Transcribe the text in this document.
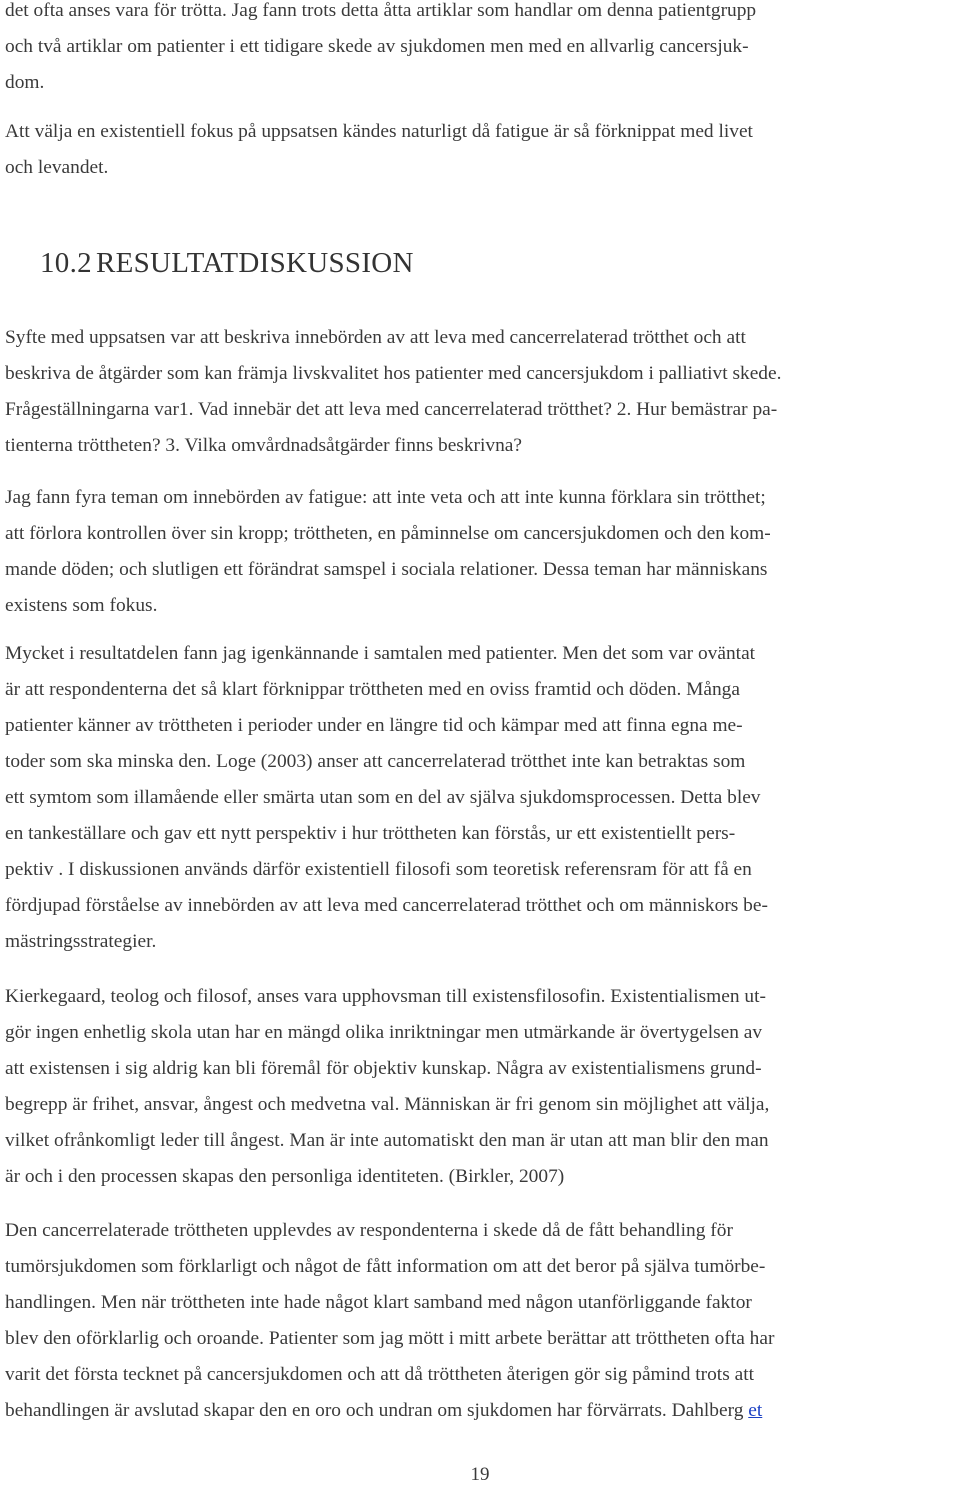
det ofta anses vara för trötta. Jag fann trots detta åtta artiklar som handlar om denna patientgrupp
och två artiklar om patienter i ett tidigare skede av sjukdomen men med en allvarlig cancersjuk-
dom.

Att välja en existentiell fokus på uppsatsen kändes naturligt då fatigue är så förknippat med livet
och levandet.

10.2 RESULTATDISKUSSION

Syfte med uppsatsen var att beskriva innebörden av att leva med cancerrelaterad trötthet och att
beskriva de åtgärder som kan främja livskvalitet hos patienter med cancersjukdom i palliativt skede.
Frågeställningarna var1. Vad innebär det att leva med cancerrelaterad trötthet? 2. Hur bemästrar pa-
tienterna tröttheten? 3. Vilka omvårdnadsåtgärder finns beskrivna?

Jag fann fyra teman om innebörden av fatigue: att inte veta och att inte kunna förklara sin trötthet;
att förlora kontrollen över sin kropp; tröttheten, en påminnelse om cancersjukdomen och den kom-
mande döden; och slutligen ett förändrat samspel i sociala relationer. Dessa teman har människans
existens som fokus.

Mycket i resultatdelen fann jag igenkännande i samtalen med patienter. Men det som var oväntat
är att respondenterna det så klart förknippar tröttheten med en oviss framtid och döden. Många
patienter känner av tröttheten i perioder under en längre tid och kämpar med att finna egna me-
toder som ska minska den. Loge (2003) anser att cancerrelaterad trötthet inte kan betraktas som
ett symtom som illamående eller smärta utan som en del av själva sjukdomsprocessen. Detta blev
en tankeställare och gav ett nytt perspektiv i hur tröttheten kan förstås, ur ett existentiellt pers-
pektiv . I diskussionen används därför existentiell filosofi som teoretisk referensram för att få en
fördjupad förståelse av innebörden av att leva med cancerrelaterad trötthet och om människors be-
mästringsstrategier.

Kierkegaard, teolog och filosof, anses vara upphovsman till existensfilosofin. Existentialismen ut-
gör ingen enhetlig skola utan har en mängd olika inriktningar men utmärkande är övertygelsen av
att existensen i sig aldrig kan bli föremål för objektiv kunskap. Några av existentialismens grund-
begrepp är frihet, ansvar, ångest och medvetna val. Människan är fri genom sin möjlighet att välja,
vilket ofrånkomligt leder till ångest. Man är inte automatiskt den man är utan att man blir den man
är och i den processen skapas den personliga identiteten. (Birkler, 2007)

Den cancerrelaterade tröttheten upplevdes av respondenterna i skede då de fått behandling för
tumörsjukdomen som förklarligt och något de fått information om att det beror på själva tumörbe-
handlingen. Men när tröttheten inte hade något klart samband med någon utanförliggande faktor
blev den oförklarlig och oroande. Patienter som jag mött i mitt arbete berättar att tröttheten ofta har
varit det första tecknet på cancersjukdomen och att då tröttheten återigen gör sig påmind trots att
behandlingen är avslutad skapar den en oro och undran om sjukdomen har förvärrats. Dahlberg et

19
